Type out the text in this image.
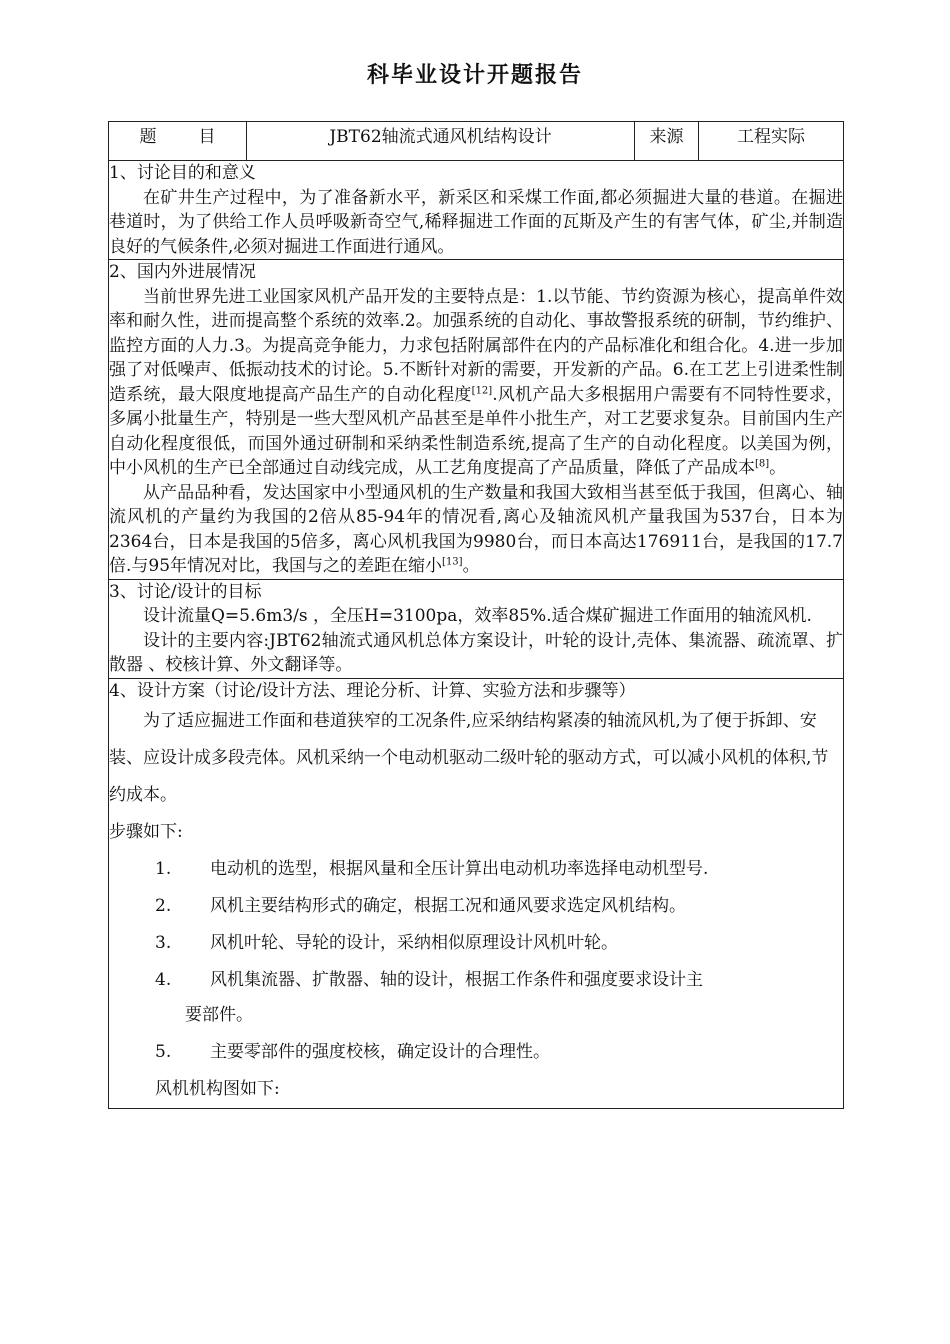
科毕业设计开题报告
题 目	JBT62轴流式通风机结构设计	来源	工程实际

1、讨论目的和意义

在矿井生产过程中，为了准备新水平，新采区和采煤工作面,都必须掘进大量的巷道。在掘进巷道时，为了供给工作人员呼吸新奇空气,稀释掘进工作面的瓦斯及产生的有害气体，矿尘,并制造良好的气候条件,必须对掘进工作面进行通风。

2、国内外进展情况

当前世界先进工业国家风机产品开发的主要特点是：1.以节能、节约资源为核心，提高单件效率和耐久性，进而提高整个系统的效率.2。加强系统的自动化、事故警报系统的研制，节约维护、监控方面的人力.3。为提高竞争能力，力求包括附属部件在内的产品标准化和组合化。4.进一步加强了对低噪声、低振动技术的讨论。5.不断针对新的需要，开发新的产品。6.在工艺上引进柔性制造系统，最大限度地提高产品生产的自动化程度[12].风机产品大多根据用户需要有不同特性要求，多属小批量生产，特别是一些大型风机产品甚至是单件小批生产，对工艺要求复杂。目前国内生产自动化程度很低，而国外通过研制和采纳柔性制造系统,提高了生产的自动化程度。以美国为例，中小风机的生产已全部通过自动线完成，从工艺角度提高了产品质量，降低了产品成本[8]。

从产品品种看，发达国家中小型通风机的生产数量和我国大致相当甚至低于我国，但离心、轴流风机的产量约为我国的2倍从85-94年的情况看,离心及轴流风机产量我国为537台，日本为2364台，日本是我国的5倍多，离心风机我国为9980台，而日本高达176911台，是我国的17.7倍.与95年情况对比，我国与之的差距在缩小[13]。

3、讨论/设计的目标

设计流量Q=5.6m3/s ，全压H=3100pa，效率85%.适合煤矿掘进工作面用的轴流风机.

设计的主要内容:JBT62轴流式通风机总体方案设计，叶轮的设计,壳体、集流器、疏流罩、扩散器 、校核计算、外文翻译等。

4、设计方案（讨论/设计方法、理论分析、计算、实验方法和步骤等）

为了适应掘进工作面和巷道狭窄的工况条件,应采纳结构紧凑的轴流风机,为了便于拆卸、安装、应设计成多段壳体。风机采纳一个电动机驱动二级叶轮的驱动方式，可以减小风机的体积,节约成本。

步骤如下:

1.	电动机的选型，根据风量和全压计算出电动机功率选择电动机型号.
2.	风机主要结构形式的确定，根据工况和通风要求选定风机结构。
3.	风机叶轮、导轮的设计，采纳相似原理设计风机叶轮。
4.	风机集流器、扩散器、轴的设计，根据工作条件和强度要求设计主
要部件。
5.	主要零部件的强度校核，确定设计的合理性。
风机机构图如下:
